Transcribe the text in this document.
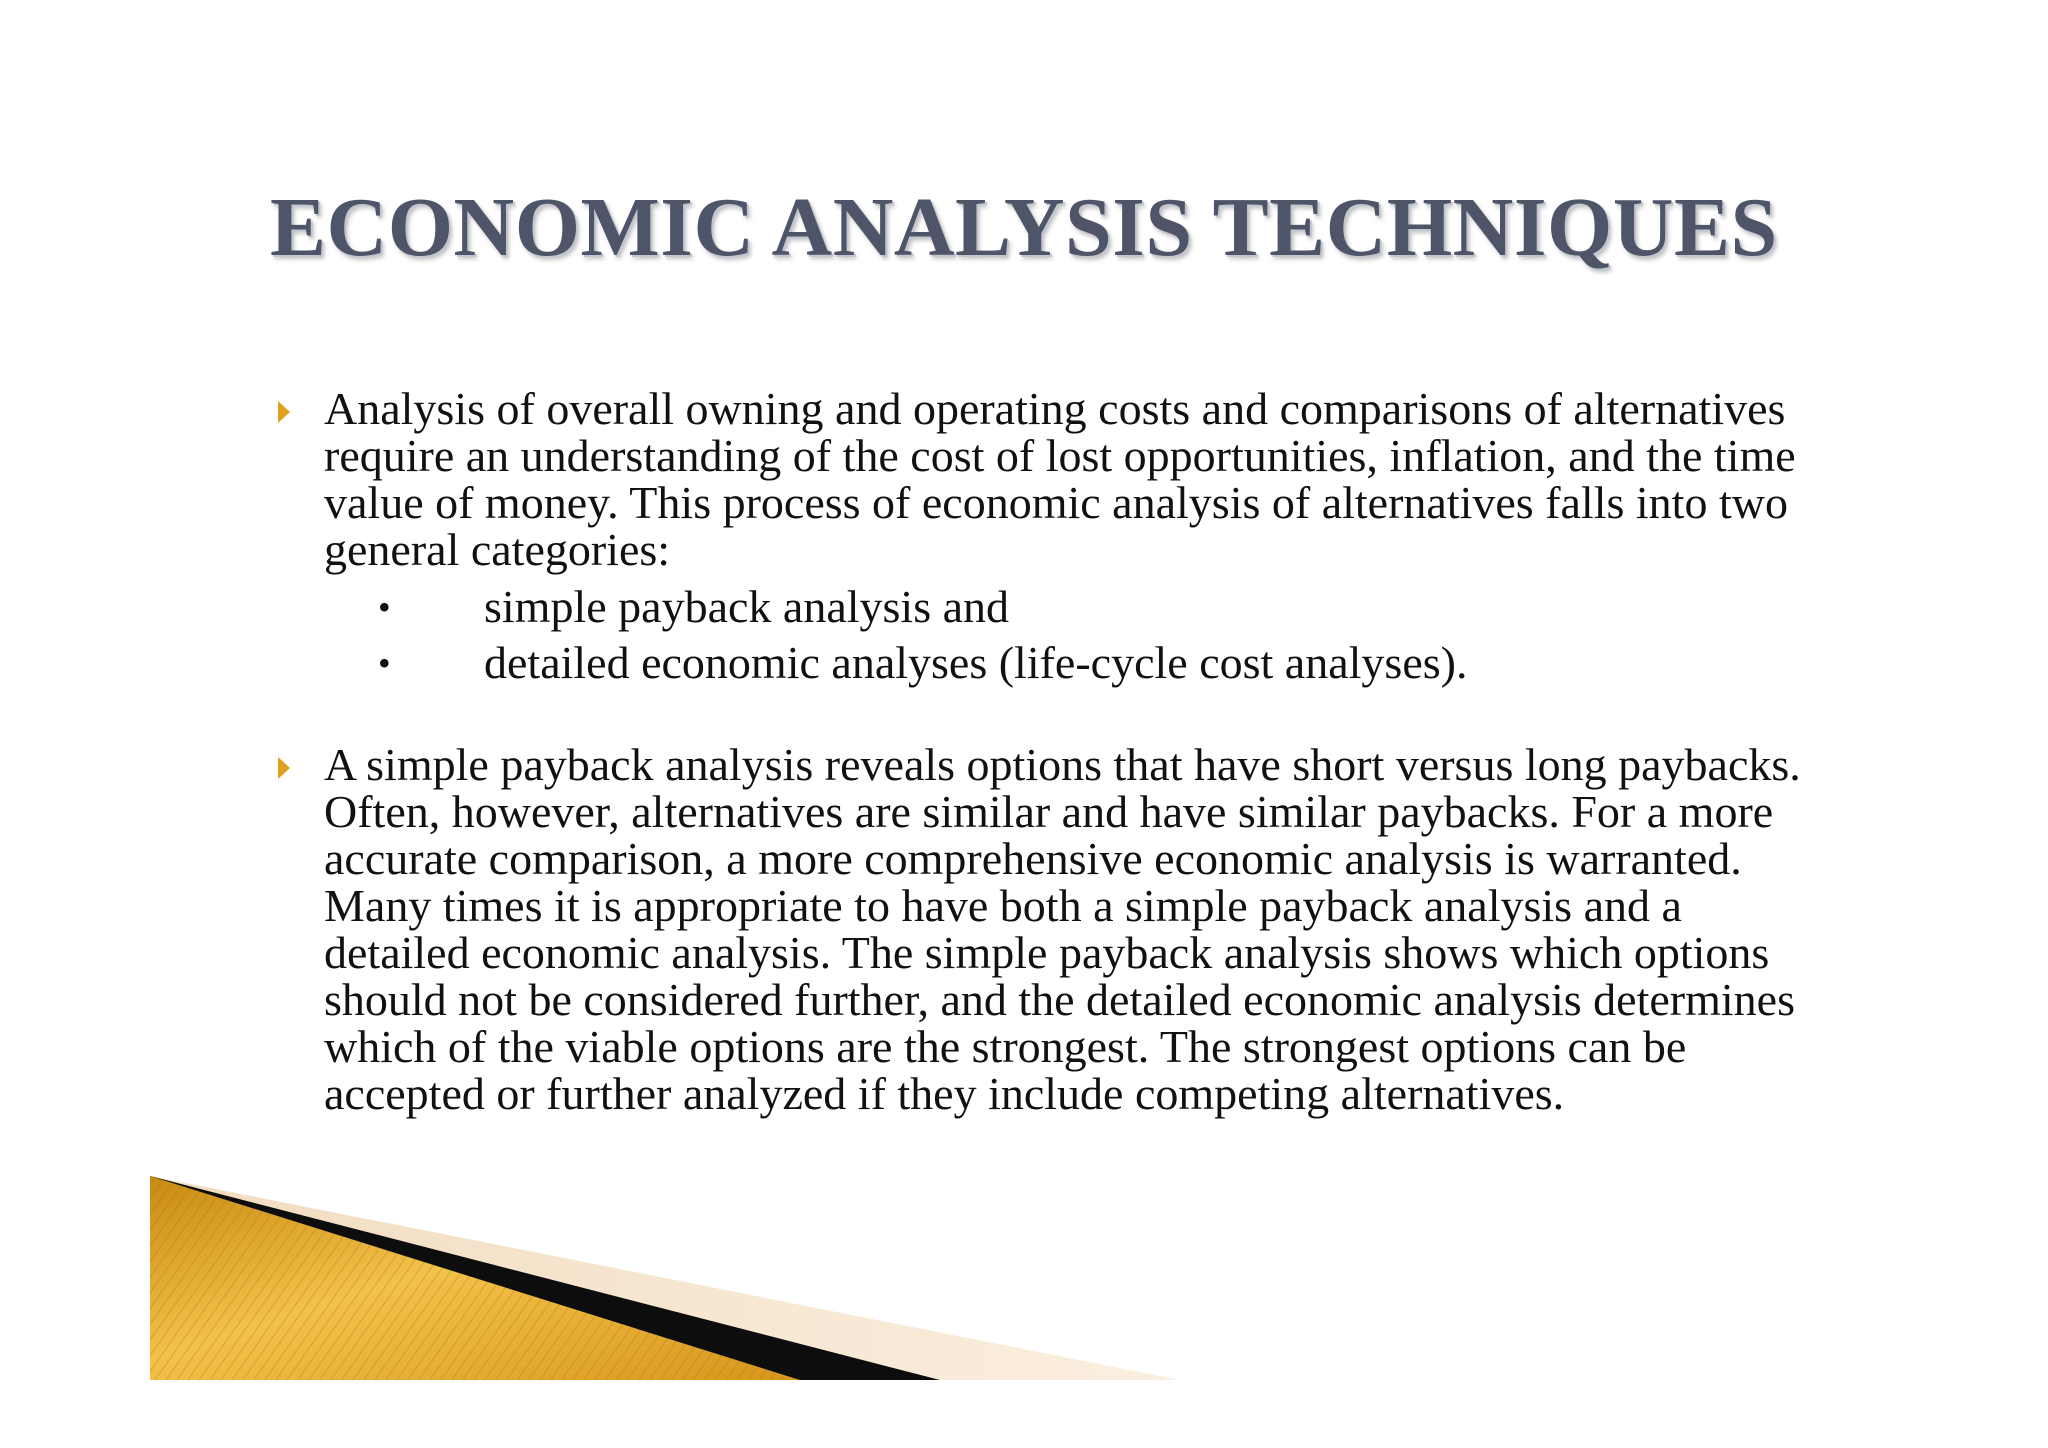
ECONOMIC ANALYSIS TECHNIQUES
Analysis of overall owning and operating costs and comparisons of alternatives require an understanding of the cost of lost opportunities, inflation, and the time value of money. This process of economic analysis of alternatives falls into two general categories:
• simple payback analysis and
• detailed economic analyses (life-cycle cost analyses).
A simple payback analysis reveals options that have short versus long paybacks. Often, however, alternatives are similar and have similar paybacks. For a more accurate comparison, a more comprehensive economic analysis is warranted. Many times it is appropriate to have both a simple payback analysis and a detailed economic analysis. The simple payback analysis shows which options should not be considered further, and the detailed economic analysis determines which of the viable options are the strongest. The strongest options can be accepted or further analyzed if they include competing alternatives.
